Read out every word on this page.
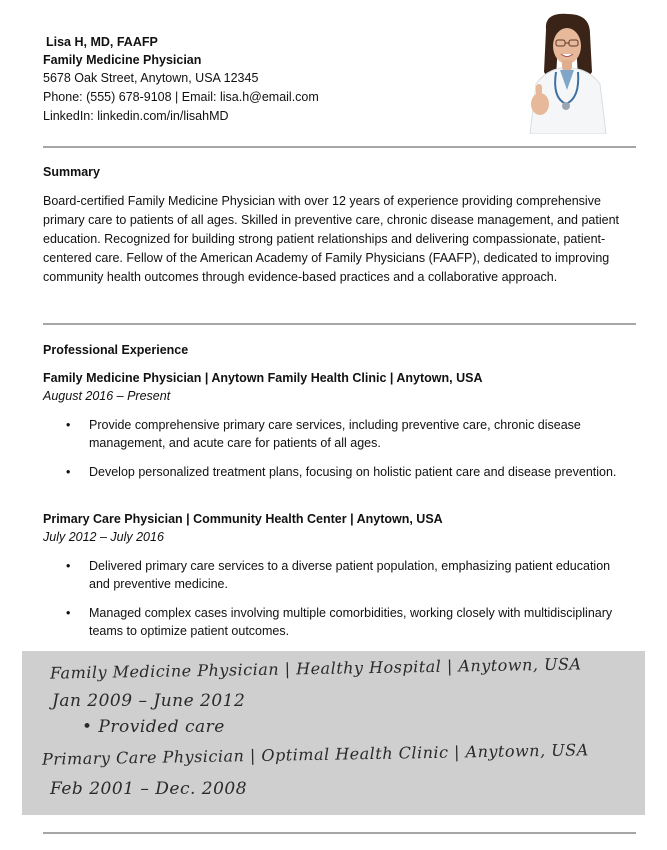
Lisa H, MD, FAAFP
Family Medicine Physician
5678 Oak Street, Anytown, USA 12345
Phone: (555) 678-9108 | Email: lisa.h@email.com
LinkedIn: linkedin.com/in/lisahMD
Summary
Board-certified Family Medicine Physician with over 12 years of experience providing comprehensive primary care to patients of all ages. Skilled in preventive care, chronic disease management, and patient education. Recognized for building strong patient relationships and delivering compassionate, patient-centered care. Fellow of the American Academy of Family Physicians (FAAFP), dedicated to improving community health outcomes through evidence-based practices and a collaborative approach.
Professional Experience
Family Medicine Physician | Anytown Family Health Clinic | Anytown, USA
August 2016 – Present
• Provide comprehensive primary care services, including preventive care, chronic disease management, and acute care for patients of all ages.
• Develop personalized treatment plans, focusing on holistic patient care and disease prevention.
Primary Care Physician | Community Health Center | Anytown, USA
July 2012 – July 2016
• Delivered primary care services to a diverse patient population, emphasizing patient education and preventive medicine.
• Managed complex cases involving multiple comorbidities, working closely with multidisciplinary teams to optimize patient outcomes.
Family Medicine Physician | Healthy Hospital | Anytown, USA
Jan 2009 – June 2012
• Provided care
Primary Care Physician | Optimal Health Clinic | Anytown, USA
Feb 2001 – Dec. 2008
